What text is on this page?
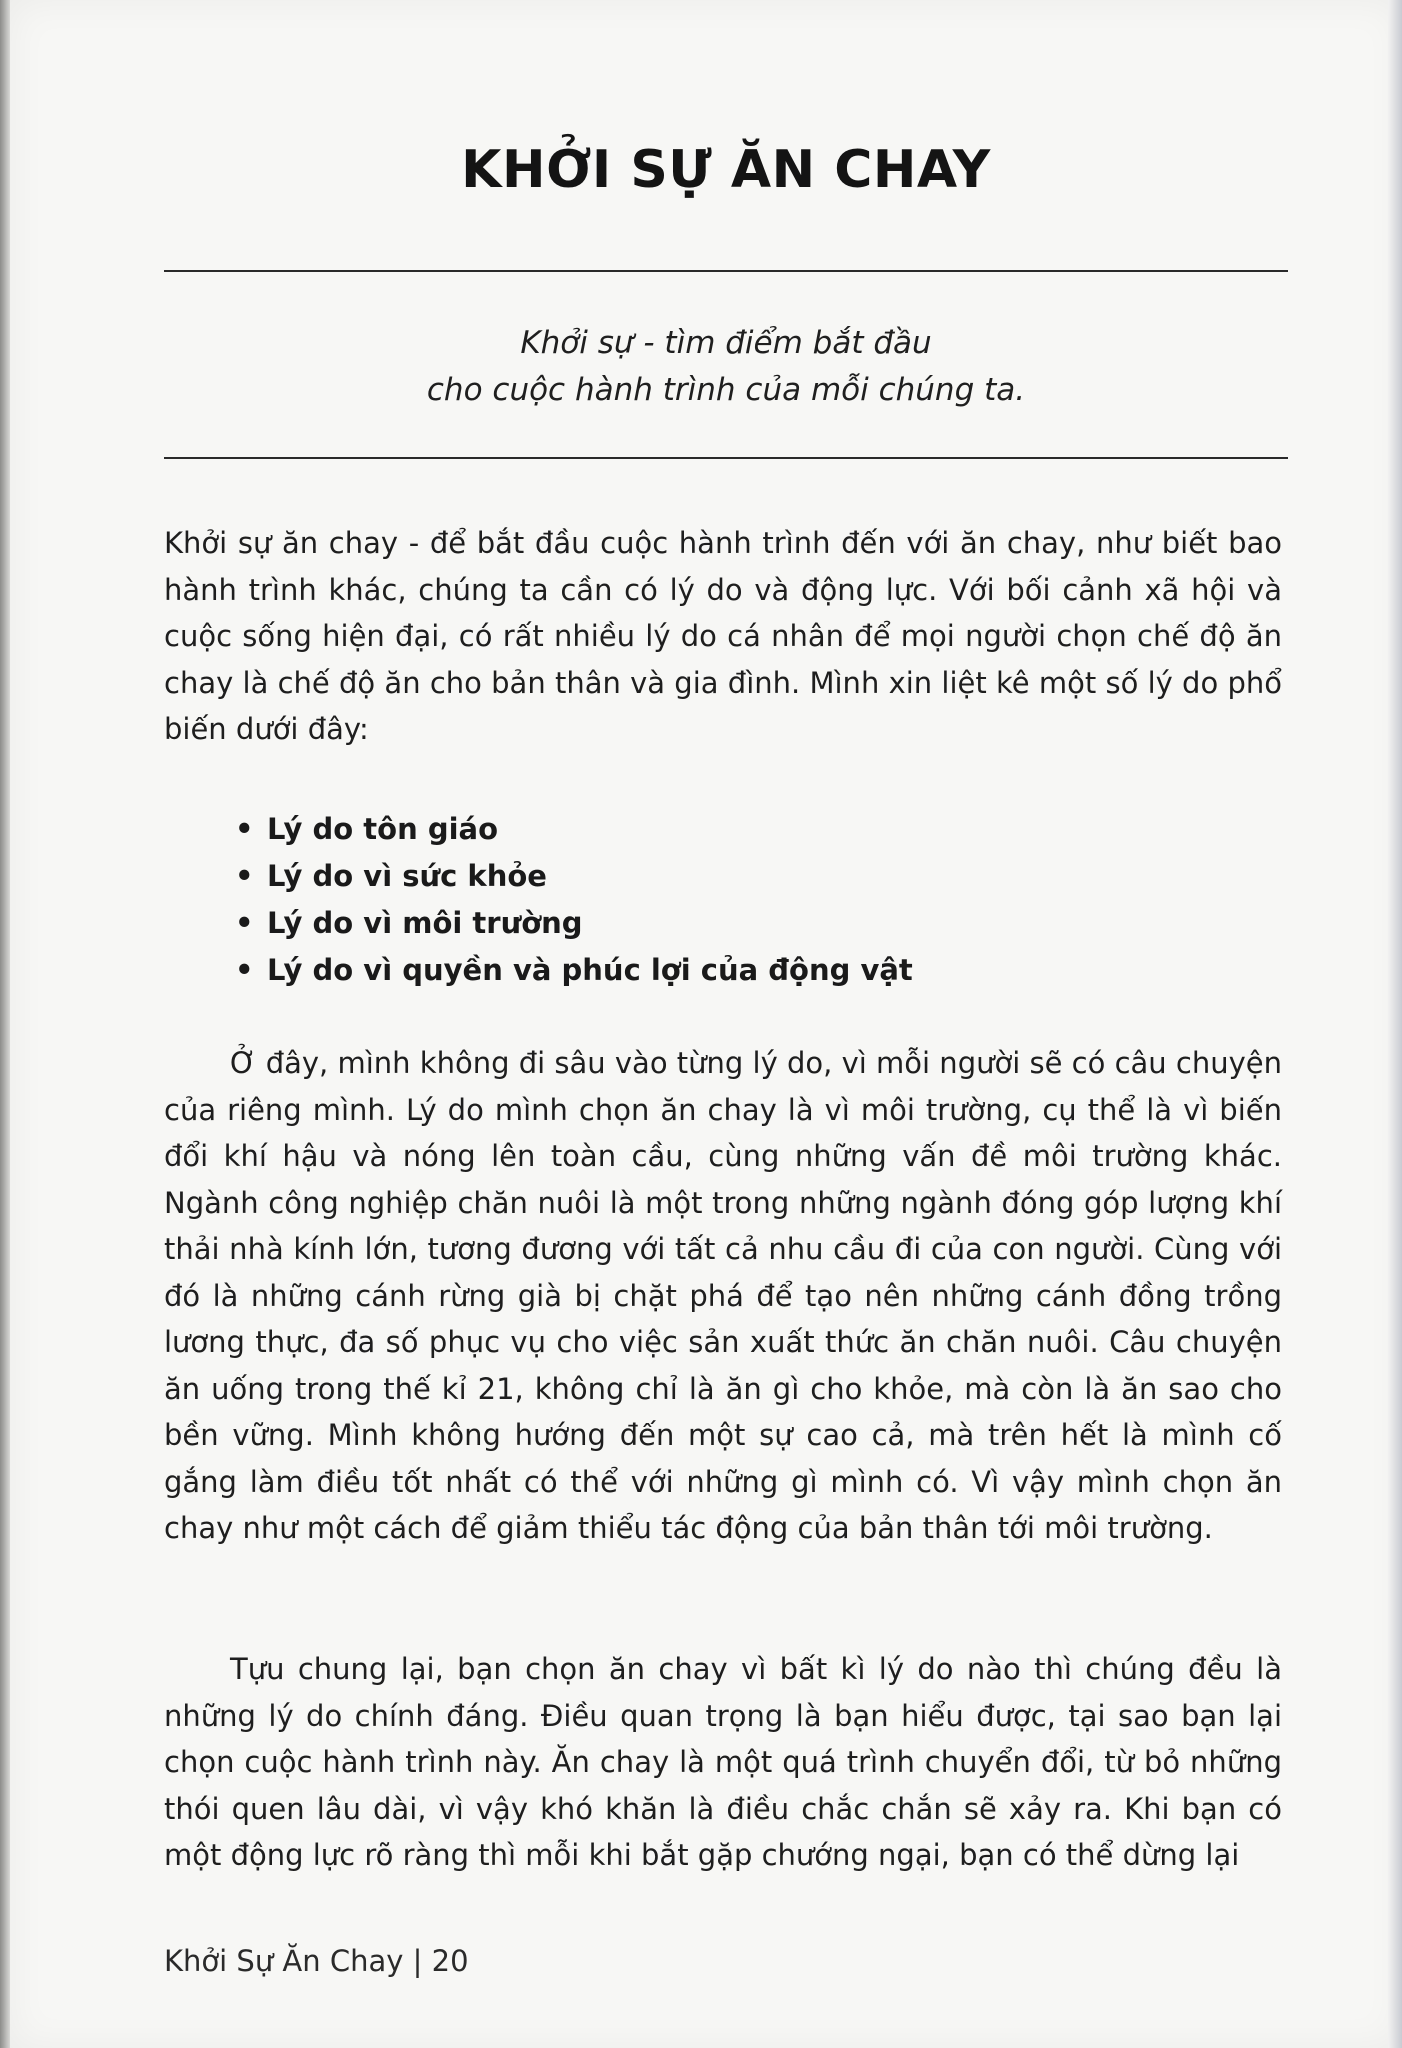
KHỞI SỰ ĂN CHAY
Khởi sự - tìm điểm bắt đầu
cho cuộc hành trình của mỗi chúng ta.
Khởi sự ăn chay - để bắt đầu cuộc hành trình đến với ăn chay, như biết bao hành trình khác, chúng ta cần có lý do và động lực. Với bối cảnh xã hội và cuộc sống hiện đại, có rất nhiều lý do cá nhân để mọi người chọn chế độ ăn chay là chế độ ăn cho bản thân và gia đình. Mình xin liệt kê một số lý do phổ biến dưới đây:
• Lý do tôn giáo
• Lý do vì sức khỏe
• Lý do vì môi trường
• Lý do vì quyền và phúc lợi của động vật
Ở đây, mình không đi sâu vào từng lý do, vì mỗi người sẽ có câu chuyện của riêng mình. Lý do mình chọn ăn chay là vì môi trường, cụ thể là vì biến đổi khí hậu và nóng lên toàn cầu, cùng những vấn đề môi trường khác. Ngành công nghiệp chăn nuôi là một trong những ngành đóng góp lượng khí thải nhà kính lớn, tương đương với tất cả nhu cầu đi của con người. Cùng với đó là những cánh rừng già bị chặt phá để tạo nên những cánh đồng trồng lương thực, đa số phục vụ cho việc sản xuất thức ăn chăn nuôi. Câu chuyện ăn uống trong thế kỉ 21, không chỉ là ăn gì cho khỏe, mà còn là ăn sao cho bền vững. Mình không hướng đến một sự cao cả, mà trên hết là mình cố gắng làm điều tốt nhất có thể với những gì mình có. Vì vậy mình chọn ăn chay như một cách để giảm thiểu tác động của bản thân tới môi trường.
Tựu chung lại, bạn chọn ăn chay vì bất kì lý do nào thì chúng đều là những lý do chính đáng. Điều quan trọng là bạn hiểu được, tại sao bạn lại chọn cuộc hành trình này. Ăn chay là một quá trình chuyển đổi, từ bỏ những thói quen lâu dài, vì vậy khó khăn là điều chắc chắn sẽ xảy ra. Khi bạn có một động lực rõ ràng thì mỗi khi bắt gặp chướng ngại, bạn có thể dừng lại
Khởi Sự Ăn Chay | 20
